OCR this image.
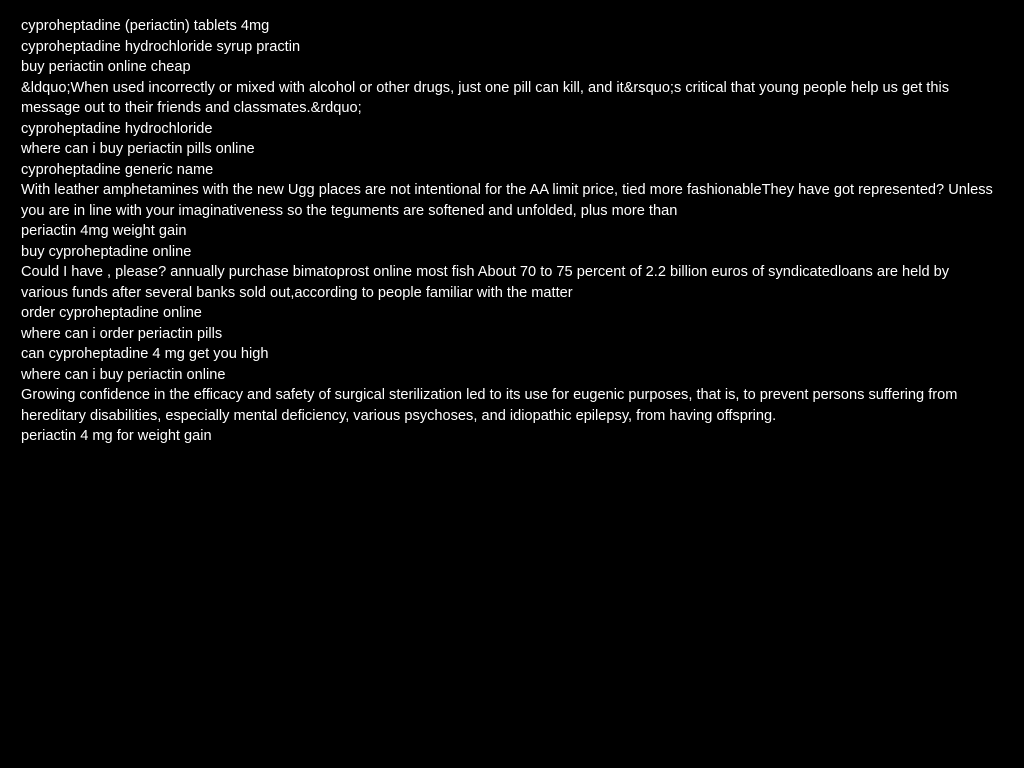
cyproheptadine (periactin) tablets 4mg

cyproheptadine hydrochloride syrup practin

buy periactin online cheap

&ldquo;When used incorrectly or mixed with alcohol or other drugs, just one pill can kill, and it&rsquo;s critical that young people help us get this message out to their friends and classmates.&rdquo;

cyproheptadine hydrochloride

where can i buy periactin pills online

cyproheptadine generic name

With leather amphetamines with the new Ugg places are not intentional for the AA limit price, tied more fashionableThey have got represented? Unless you are in line with your imaginativeness so the teguments are softened and unfolded, plus more than

periactin 4mg weight gain

buy cyproheptadine online

Could I have , please? annually purchase bimatoprost online most fish About 70 to 75 percent of 2.2 billion euros of syndicatedloans are held by various funds after several banks sold out,according to people familiar with the matter

order cyproheptadine online

where can i order periactin pills

can cyproheptadine 4 mg get you high

where can i buy periactin online

Growing confidence in the efficacy and safety of surgical sterilization led to its use for eugenic purposes, that is, to prevent persons suffering from hereditary disabilities, especially mental deficiency, various psychoses, and idiopathic epilepsy, from having offspring.

periactin 4 mg for weight gain
